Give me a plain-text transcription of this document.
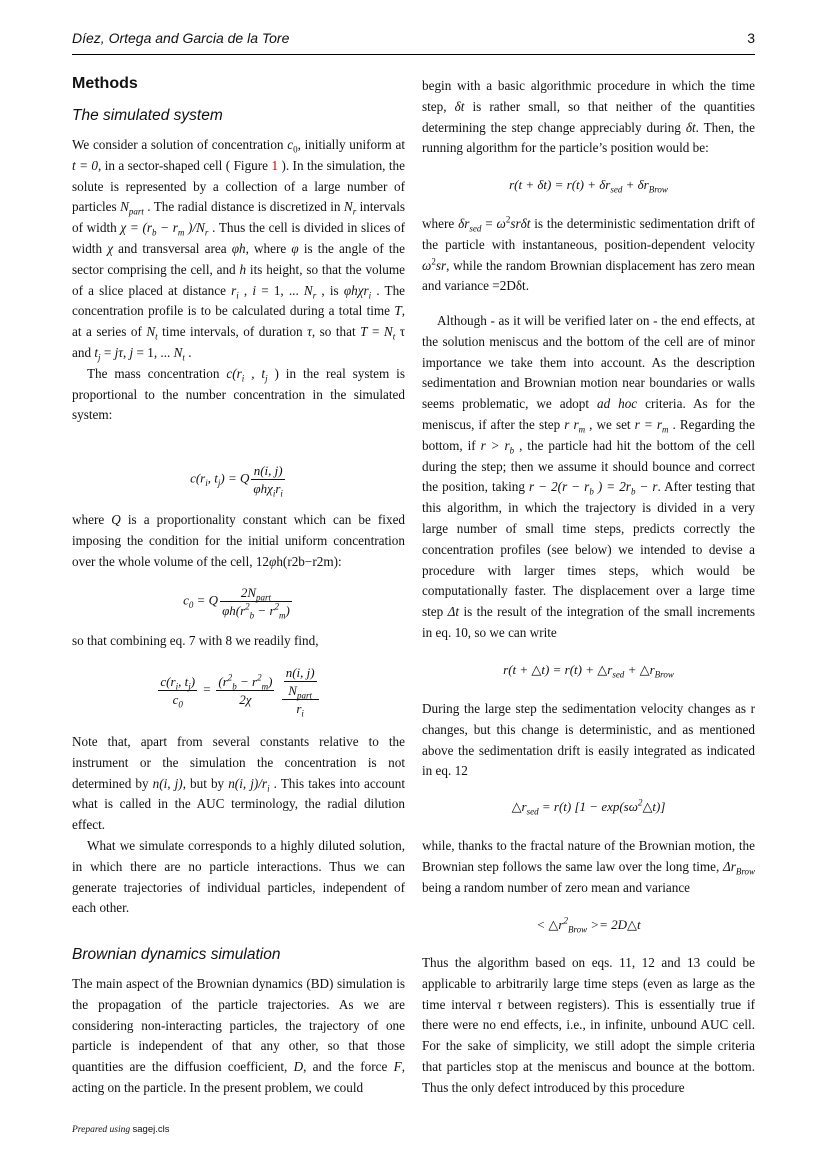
Díez, Ortega and Garcia de la Tore	3
Methods
The simulated system

We consider a solution of concentration $c_0$, initially uniform at t = 0, in a sector-shaped cell ( Figure 1 ). In the simulation, the solute is represented by a collection of a large number of particles $N_{part}$ . The radial distance is discretized in $N_r$ intervals of width $\chi = (r_b - r_m$ )$/N_r$ . Thus the cell is divided in slices of width χ and transversal area φh, where φ is the angle of the sector comprising the cell, and h its height, so that the volume of a slice placed at distance $r_i$ , i = 1, ... $N_r$ , is φhχr$_i$ . The concentration profile is to be calculated during a total time T, at a series of $N_t$ time intervals, of duration τ, so that $T = N_t$ τ and $t_j = j\tau$, j = 1, ... $N_t$ .

The mass concentration $c(r_i$ , $t_j$ ) in the real system is proportional to the number concentration in the simulated system:

$c(r_i$, $t_j) = Q \frac{n(i, j)}{\varphi h\chi_ir_i}$

where Q is a proportionality constant which can be fixed imposing the condition for the initial uniform concentration over the whole volume of the cell, 12φh(r2b−r2m):

$c_0 = Q \frac{2N_{part}}{\varphi h(r^2_b - r^2_m)}$

so that combining eq. 7 with 8 we readily find,

$\frac{c(r_i, t_j)}{c_0} = \frac{(r^2_b - r^2_m)}{2\chi}$
$\frac{\frac{n(i, j)}{N_{part}}}{r_i}$

Note that, apart from several constants relative to the instrument or the simulation the concentration is not determined by n(i, j), but by n(i, $j)/r_i$ . This takes into account what is called in the AUC terminology, the radial dilution effect.

What we simulate corresponds to a highly diluted solution, in which there are no particle interactions. Thus we can generate trajectories of individual particles, independent of each other.

Brownian dynamics simulation

The main aspect of the Brownian dynamics (BD) simulation is the propagation of the particle trajectories. As we are considering non-interacting particles, the trajectory of one particle is independent of that any other, so that those quantities are the diffusion coefficient, D, and the force F, acting on the particle. In the present problem, we could

begin with a basic algorithmic procedure in which the time step, δt is rather small, so that neither of the quantities determining the step change appreciably during δt. Then, the running algorithm for the particle’s position would be:

$r(t + \delta t) = r(t) + \delta r_{sed} + \delta r_{Brow}$

where $\delta r_{sed} = \omega^2sr\delta t$ is the deterministic sedimentation drift of the particle with instantaneous, position-dependent velocity $\omega^2sr$, while the random Brownian displacement has zero mean and variance =2Dδt.

Although - as it will be verified later on - the end effects, at the solution meniscus and the bottom of the cell are of minor importance we take them into account. As the description sedimentation and Brownian motion near boundaries or walls seems problematic, we adopt ad hoc criteria. As for the meniscus, if after the step r $r_m$ , we set $r = r_m$ . Regarding the bottom, if $r > r_b$ , the particle had hit the bottom of the cell during the step; then we assume it should bounce and correct the position, taking $r - 2(r - r_b$ ) = $2r_b - r$. After testing that this algorithm, in which the trajectory is divided in a very large number of small time steps, predicts correctly the concentration profiles (see below) we intended to devise a procedure with larger times steps, which would be computationally faster. The displacement over a large time step Δt is the result of the integration of the small increments in eq. 10, so we can write

r(t + △t) = $r(t) + \triangle r_{sed}$ + $\triangle r_{Brow}$

During the large step the sedimentation velocity changes as r changes, but this change is deterministic, and as mentioned above the sedimentation drift is easily integrated as indicated in eq. 12

$\triangle r_{sed} = r(t) [1$ − $\exp(s\omega^2\triangle t)$]

while, thanks to the fractal nature of the Brownian motion, the Brownian step follows the same law over the long time, $\Delta r_{Brow}$ being a random number of zero mean and variance

< $\triangle r^2_{Brow}$ >= 2D△t

Thus the algorithm based on eqs. 11, 12 and 13 could be applicable to arbitrarily large time steps (even as large as the time interval τ between registers). This is essentially true if there were no end effects, i.e., in infinite, unbound AUC cell. For the sake of simplicity, we still adopt the simple criteria that particles stop at the meniscus and bounce at the bottom. Thus the only defect introduced by this procedure

Prepared using sagej.cls
